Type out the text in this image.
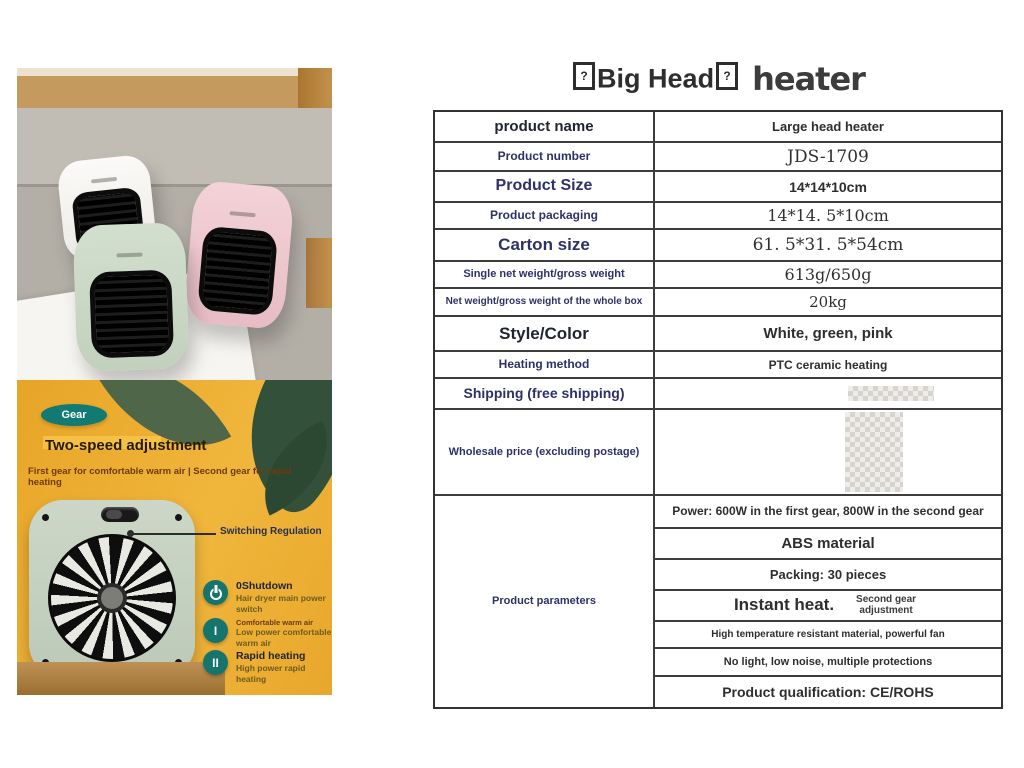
Gear
Two-speed adjustment
First gear for comfortable warm air | Second gear for rapid heating
Switching Regulation
0Shutdown
Hair dryer main power switch
I
Comfortable warm air
Low power comfortable warm air
II Rapid heating
High power rapid heating
? Big Head ? heater
product name	Large head heater
Product number	JDS-1709
Product Size	14*14*10cm
Product packaging	14*14. 5*10cm
Carton size	61. 5*31. 5*54cm
Single net weight/gross weight	613g/650g
Net weight/gross weight of the whole box	20kg
Style/Color	White, green, pink
Heating method	PTC ceramic heating
Shipping (free shipping)
Wholesale price (excluding postage)
Product parameters
Power: 600W in the first gear, 800W in the second gear
ABS material
Packing: 30 pieces
Instant heat.	Second gear adjustment
High temperature resistant material, powerful fan
No light, low noise, multiple protections
Product qualification: CE/ROHS
